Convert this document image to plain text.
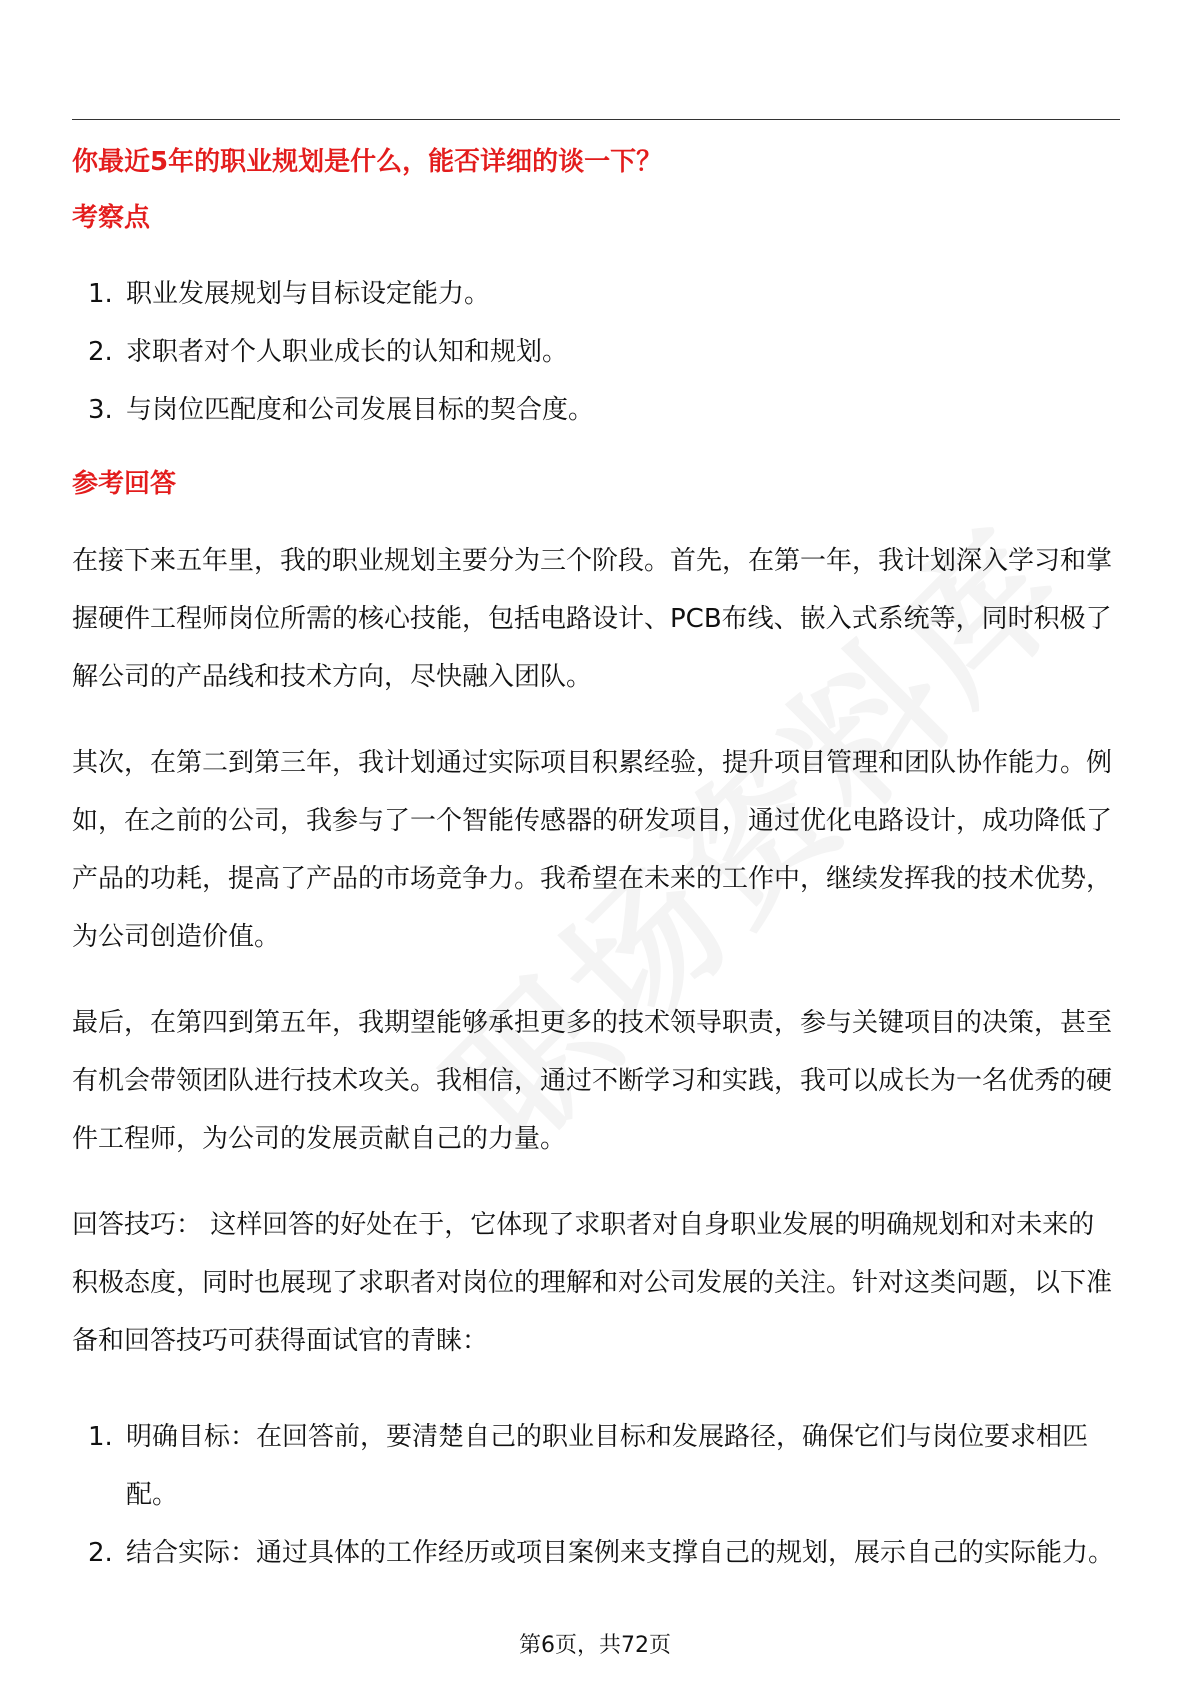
你最近5年的职业规划是什么，能否详细的谈一下？
考察点
1. 职业发展规划与目标设定能力。
2. 求职者对个人职业成长的认知和规划。
3. 与岗位匹配度和公司发展目标的契合度。
参考回答

在接下来五年里，我的职业规划主要分为三个阶段。首先，在第一年，我计划深入学习和掌握硬件工程师岗位所需的核心技能，包括电路设计、PCB布线、嵌入式系统等，同时积极了解公司的产品线和技术方向，尽快融入团队。

其次，在第二到第三年，我计划通过实际项目积累经验，提升项目管理和团队协作能力。例如，在之前的公司，我参与了一个智能传感器的研发项目，通过优化电路设计，成功降低了产品的功耗，提高了产品的市场竞争力。我希望在未来的工作中，继续发挥我的技术优势，为公司创造价值。

最后，在第四到第五年，我期望能够承担更多的技术领导职责，参与关键项目的决策，甚至有机会带领团队进行技术攻关。我相信，通过不断学习和实践，我可以成长为一名优秀的硬件工程师，为公司的发展贡献自己的力量。

回答技巧： 这样回答的好处在于，它体现了求职者对自身职业发展的明确规划和对未来的积极态度，同时也展现了求职者对岗位的理解和对公司发展的关注。针对这类问题，以下准备和回答技巧可获得面试官的青睐：

1. 明确目标：在回答前，要清楚自己的职业目标和发展路径，确保它们与岗位要求相匹配。
2. 结合实际：通过具体的工作经历或项目案例来支撑自己的规划，展示自己的实际能力。
第6页，共72页
